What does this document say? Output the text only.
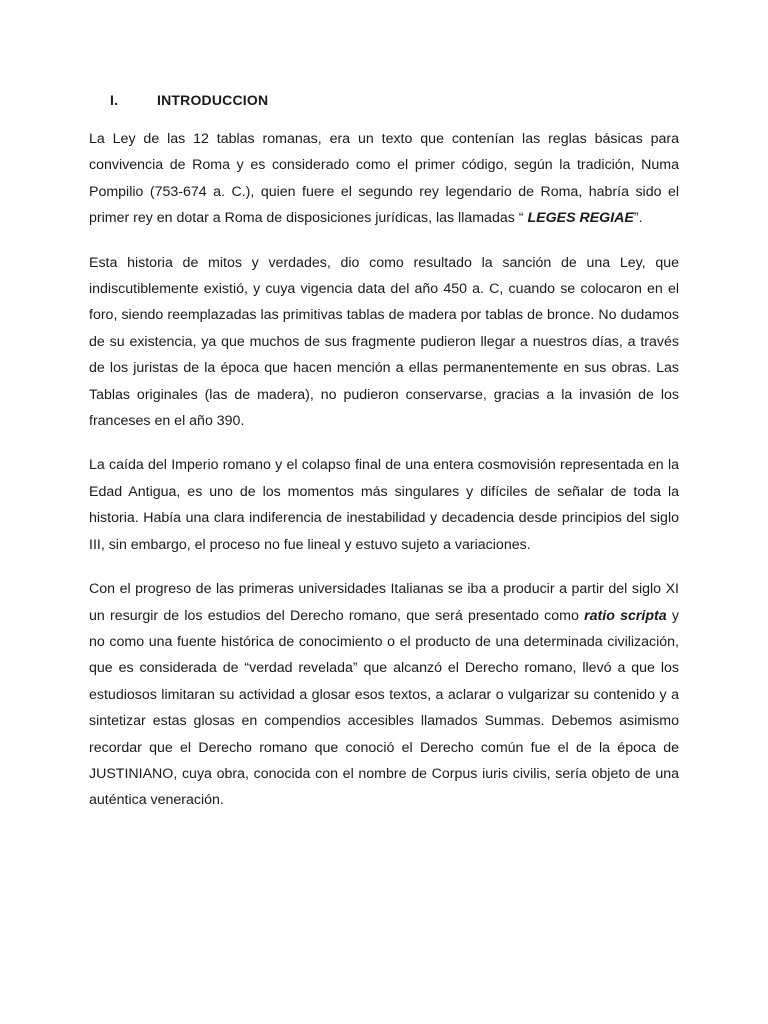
I.	INTRODUCCION

La Ley de las 12 tablas romanas, era un texto que contenían las reglas básicas para convivencia de Roma y es considerado como el primer código, según la tradición, Numa Pompilio (753-674 a. C.), quien fuere el segundo rey legendario de Roma, habría sido el primer rey en dotar a Roma de disposiciones jurídicas, las llamadas “ LEGES REGIAE”.

Esta historia de mitos y verdades, dio como resultado la sanción de una Ley, que indiscutiblemente existió, y cuya vigencia data del año 450 a. C, cuando se colocaron en el foro, siendo reemplazadas las primitivas tablas de madera por tablas de bronce. No dudamos de su existencia, ya que muchos de sus fragmente pudieron llegar a nuestros días, a través de los juristas de la época que hacen mención a ellas permanentemente en sus obras. Las Tablas originales (las de madera), no pudieron conservarse, gracias a la invasión de los franceses en el año 390.

La caída del Imperio romano y el colapso final de una entera cosmovisión representada en la Edad Antigua, es uno de los momentos más singulares y difíciles de señalar de toda la historia. Había una clara indiferencia de inestabilidad y decadencia desde principios del siglo III, sin embargo, el proceso no fue lineal y estuvo sujeto a variaciones.

Con el progreso de las primeras universidades Italianas se iba a producir a partir del siglo XI un resurgir de los estudios del Derecho romano, que será presentado como ratio scripta y no como una fuente histórica de conocimiento o el producto de una determinada civilización, que es considerada de “verdad revelada” que alcanzó el Derecho romano, llevó a que los estudiosos limitaran su actividad a glosar esos textos, a aclarar o vulgarizar su contenido y a sintetizar estas glosas en compendios accesibles llamados Summas. Debemos asimismo recordar que el Derecho romano que conoció el Derecho común fue el de la época de JUSTINIANO, cuya obra, conocida con el nombre de Corpus iuris civilis, sería objeto de una auténtica veneración.
